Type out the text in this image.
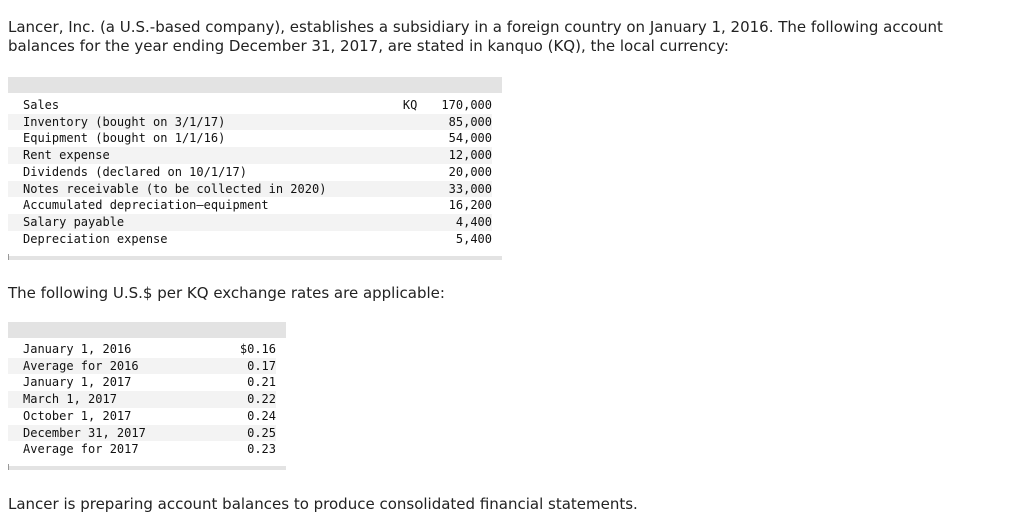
Lancer, Inc. (a U.S.-based company), establishes a subsidiary in a foreign country on January 1, 2016. The following account balances for the year ending December 31, 2017, are stated in kanquo (KQ), the local currency:

Sales	KQ	170,000
Inventory (bought on 3/1/17)		85,000
Equipment (bought on 1/1/16)		54,000
Rent expense		12,000
Dividends (declared on 10/1/17)		20,000
Notes receivable (to be collected in 2020)		33,000
Accumulated depreciation—equipment		16,200
Salary payable		4,400
Depreciation expense		5,400

The following U.S.$ per KQ exchange rates are applicable:

January 1, 2016	$0.16
Average for 2016	0.17
January 1, 2017	0.21
March 1, 2017	0.22
October 1, 2017	0.24
December 31, 2017	0.25
Average for 2017	0.23

Lancer is preparing account balances to produce consolidated financial statements.
